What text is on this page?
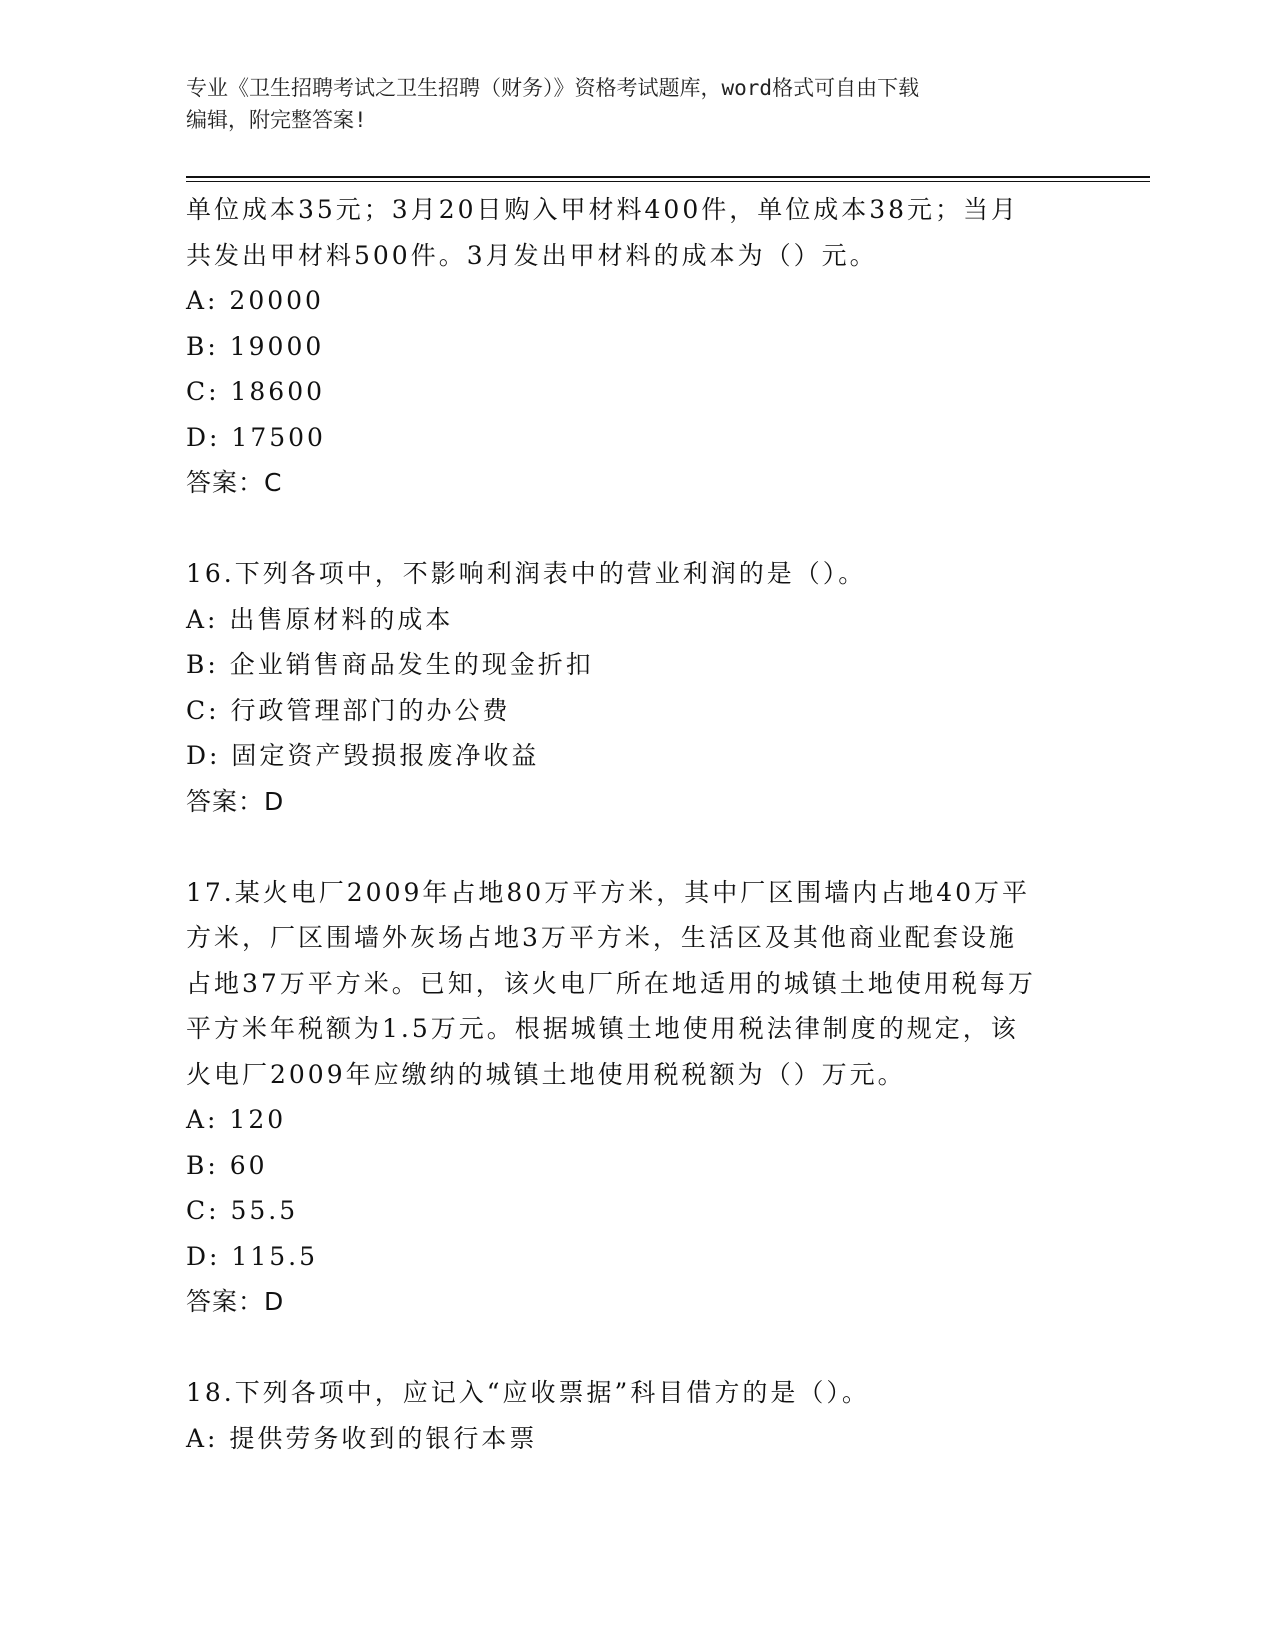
专业《卫生招聘考试之卫生招聘（财务）》资格考试题库，word格式可自由下载
编辑，附完整答案!
单位成本35元；3月20日购入甲材料400件，单位成本38元；当月
共发出甲材料500件。3月发出甲材料的成本为（）元。
A: 20000
B: 19000
C: 18600
D: 17500
答案：C
16.下列各项中，不影响利润表中的营业利润的是（）。
A: 出售原材料的成本
B: 企业销售商品发生的现金折扣
C: 行政管理部门的办公费
D: 固定资产毁损报废净收益
答案：D
17.某火电厂2009年占地80万平方米，其中厂区围墙内占地40万平
方米，厂区围墙外灰场占地3万平方米，生活区及其他商业配套设施
占地37万平方米。已知，该火电厂所在地适用的城镇土地使用税每万
平方米年税额为1.5万元。根据城镇土地使用税法律制度的规定，该
火电厂2009年应缴纳的城镇土地使用税税额为（）万元。
A: 120
B: 60
C: 55.5
D: 115.5
答案：D
18.下列各项中，应记入“应收票据”科目借方的是（）。
A: 提供劳务收到的银行本票
